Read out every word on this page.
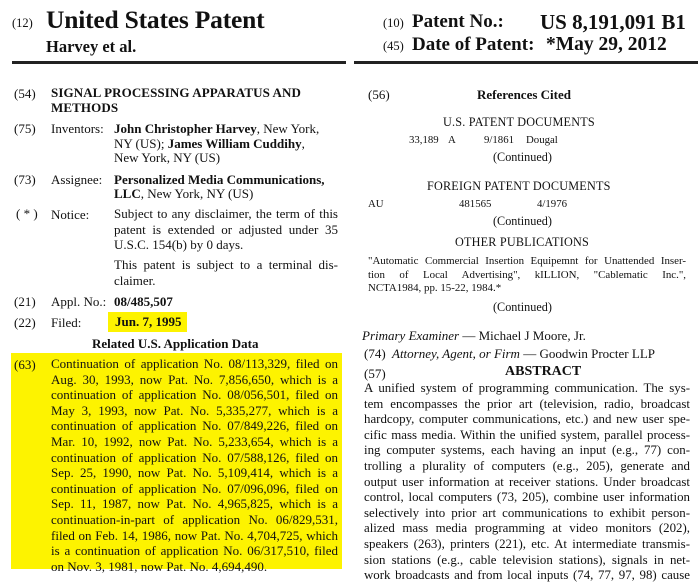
(12) United States Patent
Harvey et al.
(10) Patent No.: US 8,191,091 B1
(45) Date of Patent: *May 29, 2012
(54) SIGNAL PROCESSING APPARATUS AND
METHODS
(75) Inventors: John Christopher Harvey, New York,
NY (US); James William Cuddihy,
New York, NY (US)
(73) Assignee: Personalized Media Communications,
LLC, New York, NY (US)
( * ) Notice: Subject to any disclaimer, the term of this
patent is extended or adjusted under 35
U.S.C. 154(b) by 0 days.
This patent is subject to a terminal dis-
claimer.
(21) Appl. No.: 08/485,507
(22) Filed:	Jun. 7, 1995
Related U.S. Application Data
(63) Continuation of application No. 08/113,329, filed on
Aug. 30, 1993, now Pat. No. 7,856,650, which is a
continuation of application No. 08/056,501, filed on
May 3, 1993, now Pat. No. 5,335,277, which is a
continuation of application No. 07/849,226, filed on
Mar. 10, 1992, now Pat. No. 5,233,654, which is a
continuation of application No. 07/588,126, filed on
Sep. 25, 1990, now Pat. No. 5,109,414, which is a
continuation of application No. 07/096,096, filed on
Sep. 11, 1987, now Pat. No. 4,965,825, which is a
continuation-in-part of application No. 06/829,531,
filed on Feb. 14, 1986, now Pat. No. 4,704,725, which
is a continuation of application No. 06/317,510, filed
on Nov. 3, 1981, now Pat. No. 4,694,490.
(56)	References Cited
U.S. PATENT DOCUMENTS
33,189 A	9/1861 Dougal
(Continued)
FOREIGN PATENT DOCUMENTS
AU	481565	4/1976
(Continued)
OTHER PUBLICATIONS
"Automatic Commercial Insertion Equipemnt for Unattended Inser-
tion of Local Advertising", kILLION, "Cablematic Inc.",
NCTA1984, pp. 15-22, 1984.*
(Continued)
Primary Examiner — Michael J Moore, Jr.
(74) Attorney, Agent, or Firm — Goodwin Procter LLP
(57)	ABSTRACT
A unified system of programming communication. The sys-
tem encompasses the prior art (television, radio, broadcast
hardcopy, computer communications, etc.) and new user spe-
cific mass media. Within the unified system, parallel process-
ing computer systems, each having an input (e.g., 77) con-
trolling a plurality of computers (e.g., 205), generate and
output user information at receiver stations. Under broadcast
control, local computers (73, 205), combine user information
selectively into prior art communications to exhibit person-
alized mass media programming at video monitors (202),
speakers (263), printers (221), etc. At intermediate transmis-
sion stations (e.g., cable television stations), signals in net-
work broadcasts and from local inputs (74, 77, 97, 98) cause
